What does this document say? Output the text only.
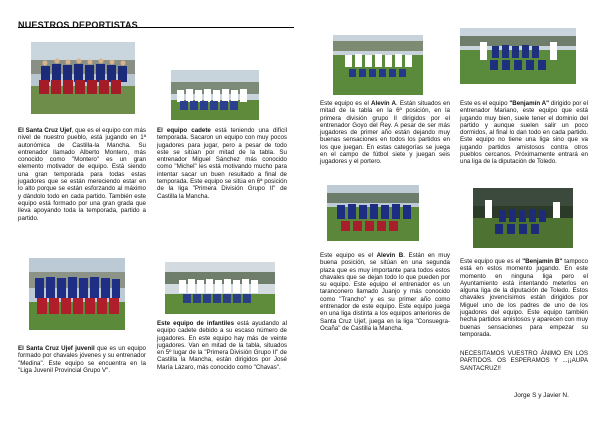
NUESTROS DEPORTISTAS
El Santa Cruz Ujef, que es el equipo con más nivel de nuestro pueblo, está jugando en 1ª autonómica de Castilla-la Mancha. Su entrenador llamado Alberto Montero, más conocido como "Montero" es un gran elemento motivador de equipo. Está siendo una gran temporada para todas estas jugadores que se están mereciendo estar en lo alto porque se están esforzando al máximo y dándolo todo en cada partido. También este equipo está formado por una gran grada que lleva apoyando toda la temporada, partido a partido.
El equipo cadete está teniendo una difícil temporada. Sacaron un equipo con muy pocos jugadores para jugar, pero a pesar de todo este se sitúan por mitad de la tabla. Su entrenador Miguel Sánchez más conocido como "Michel" les está motivando mucho para intentar sacar un buen resultado a final de temporada. Este equipo se sitúa en 6ª posición de la liga "Primera División Grupo II" de Castilla la Mancha.
El Santa Cruz Ujef juvenil que es un equipo formado por chavales jóvenes y su entrenador "Medina". Este equipo se encuentra en la "Liga Juvenil Provincial Grupo V".
Este equipo de infantiles está ayudando al equipo cadete debido a su escaso número de jugadores. En este equipo hay más de veinte jugadores. Van en mitad de la tabla, situados en 5º lugar de la "Primera División Grupo II" de Castilla la Mancha, están dirigidos por José María Lázaro, más conocido como "Chavas".
Este equipo es el Alevín A. Están situados en mitad de la tabla en la 6ª posición, en la primera división grupo II dirigidos por el entrenador Goyo del Rey. A pesar de ser más jugadores de primer año están dejando muy buenas sensaciones en todos los partidos en los que juegan. En estas categorías se juega en el campo de fútbol siete y juegan seis jugadores y el portero.
Este es el equipo "Benjamín A" dirigido por el entrenador Mariano, este equipo que está jugando muy bien, suele tener el dominio del partido y aunque suelen salir un poco dormidos, al final lo dan todo en cada partido. Este equipo no tiene una liga sino que va jugando partidos amistosos contra otros pueblos cercanos. Próximamente entrará en una liga de la diputación de Toledo.
Este equipo es el Alevín B. Están en muy buena posición, se sitúan en una segunda plaza que es muy importante para todos estos chavales que se dejan todo lo que pueden por su equipo. Este equipo el entrenador es un taranconero llamado Juanjo y más conocido como "Trancho" y es su primer año como entrenador de este equipo. Este equipo juega en una liga distinta a los equipos anteriores de Santa Cruz Ujef, juega en la liga "Consuegra-Ocaña" de Castilla la Mancha.
Este equipo que es el "Benjamín B" tampoco está en estos momento jugando. En este momento en ninguna liga pero el Ayuntamiento está intentando meterlos en alguna liga de la diputación de Toledo. Estos chavales jovencísimos están dirigidos por Miguel uno de los padres de uno de los jugadores del equipo. Este equipo también hecha partidos amistosos y aparecen con muy buenas sensaciones para empezar su temporada.
NECESITAMOS VUESTRO ÁNIMO EN LOS PARTIDOS. OS ESPERAMOS Y ...¡¡AUPA SANTACRUZ!!
Jorge S y Javier N.
